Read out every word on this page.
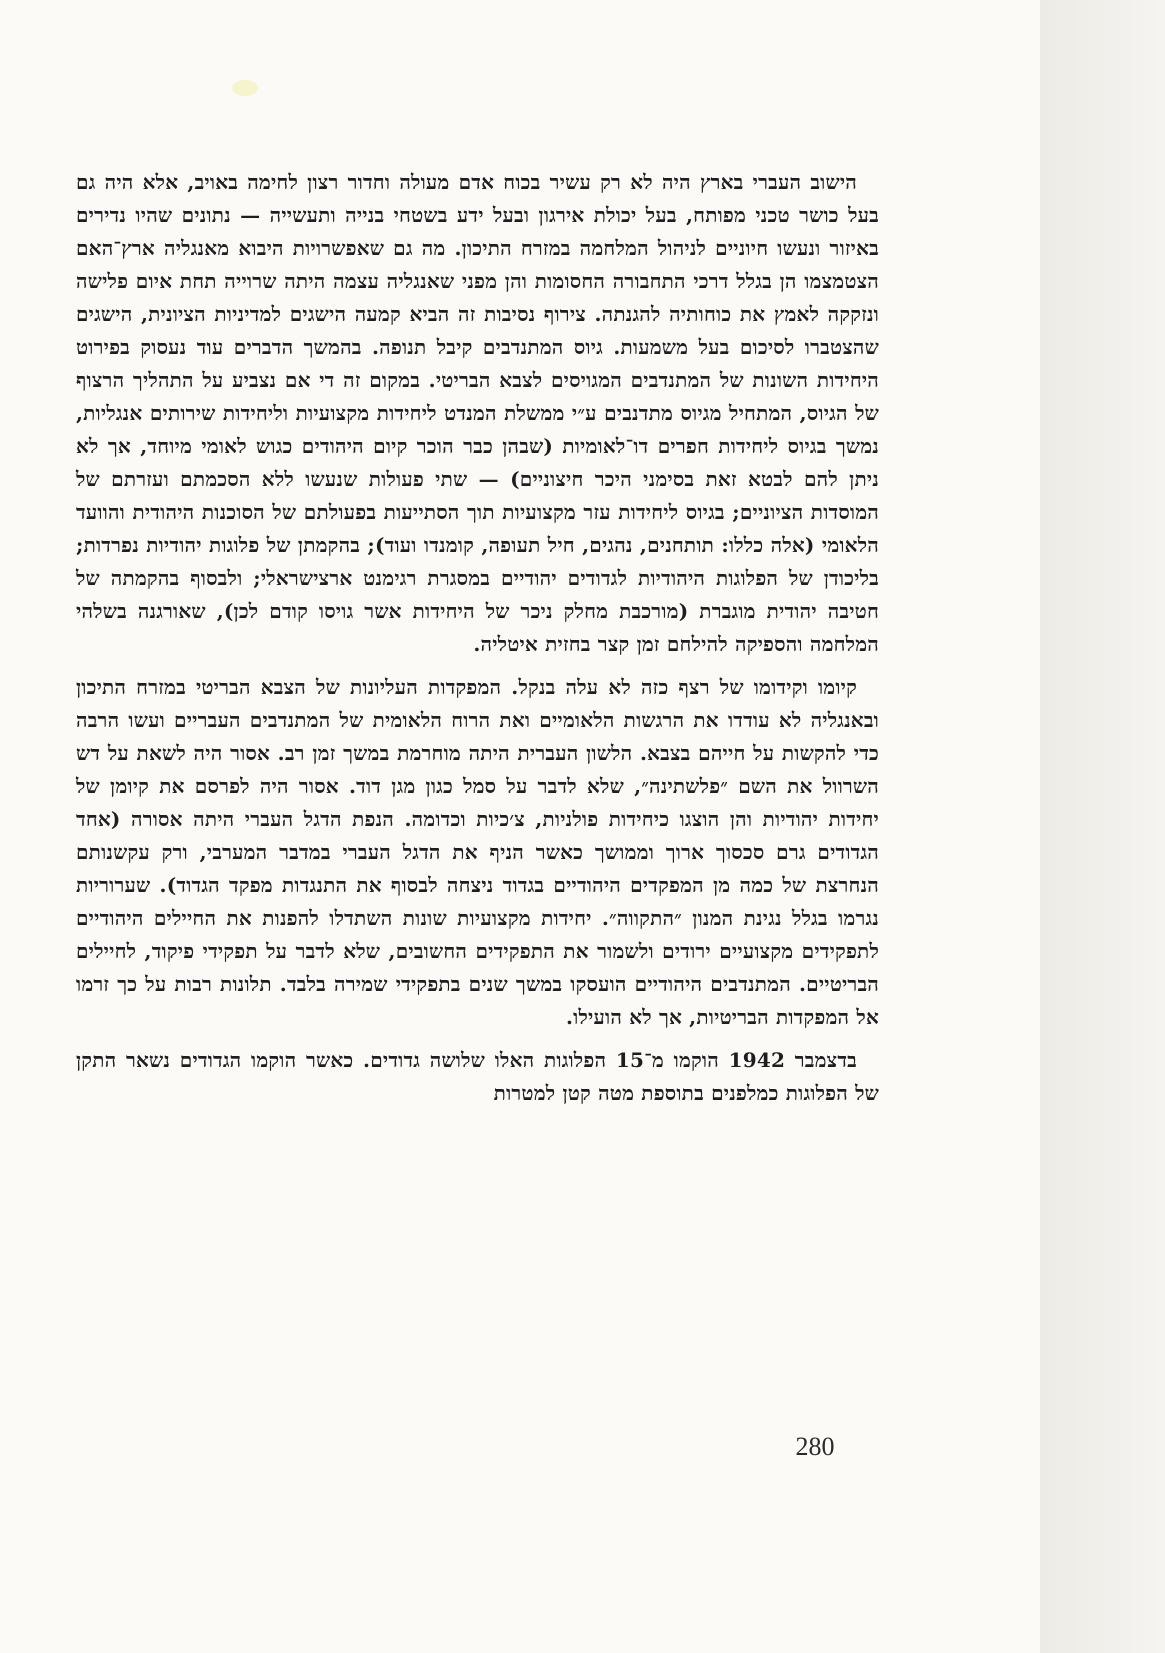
הישוב העברי בארץ היה לא רק עשיר בכוח אדם מעולה וחדור רצון לחימה באויב, אלא היה גם בעל כושר טכני מפותח, בעל יכולת אירגון ובעל ידע בשטחי בנייה ותעשייה — נתונים שהיו נדירים באיזור ונעשו חיוניים לניהול המלחמה במזרח התיכון. מה גם שאפשרויות היבוא מאנגליה ארץ־האם הצטמצמו הן בגלל דרכי התחבורה החסומות והן מפני שאנגליה עצמה היתה שרוייה תחת איום פלישה ונזקקה לאמץ את כוחותיה להגנתה. צירוף נסיבות זה הביא קמעה הישגים למדיניות הציונית, הישגים שהצטברו לסיכום בעל משמעות. גיוס המתנדבים קיבל תנופה. בהמשך הדברים עוד נעסוק בפירוט היחידות השונות של המתנדבים המגויסים לצבא הבריטי. במקום זה די אם נצביע על התהליך הרצוף של הגיוס, המתחיל מגיוס מתדנבים ע״י ממשלת המנדט ליחידות מקצועיות וליחידות שירותים אנגליות, נמשך בגיוס ליחידות חפרים דו־לאומיות (שבהן כבר הוכר קיום היהודים כגוש לאומי מיוחד, אך לא ניתן להם לבטא זאת בסימני היכר חיצוניים) — שתי פעולות שנעשו ללא הסכמתם ועזרתם של המוסדות הציוניים; בגיוס ליחידות עזר מקצועיות תוך הסתייעות בפעולתם של הסוכנות היהודית והוועד הלאומי (אלה כללו: תותחנים, נהגים, חיל תעופה, קומנדו ועוד); בהקמתן של פלוגות יהודיות נפרדות; בליכודן של הפלוגות היהודיות לגדודים יהודיים במסגרת רגימנט ארצישראלי; ולבסוף בהקמתה של חטיבה יהודית מוגברת (מורכבת מחלק ניכר של היחידות אשר גויסו קודם לכן), שאורגנה בשלהי המלחמה והספיקה להילחם זמן קצר בחזית איטליה.

קיומו וקידומו של רצף כזה לא עלה בנקל. המפקדות העליונות של הצבא הבריטי במזרח התיכון ובאנגליה לא עודדו את הרגשות הלאומיים ואת הרוח הלאומית של המתנדבים העבריים ועשו הרבה כדי להקשות על חייהם בצבא. הלשון העברית היתה מוחרמת במשך זמן רב. אסור היה לשאת על דש השרוול את השם ״פלשתינה״, שלא לדבר על סמל כגון מגן דוד. אסור היה לפרסם את קיומן של יחידות יהודיות והן הוצגו כיחידות פולניות, צ׳כיות וכדומה. הנפת הדגל העברי היתה אסורה (אחד הגדודים גרם סכסוך ארוך וממושך כאשר הניף את הדגל העברי במדבר המערבי, ורק עקשנותם הנחרצת של כמה מן המפקדים היהודיים בגדוד ניצחה לבסוף את התנגדות מפקד הגדוד). שערוריות נגרמו בגלל נגינת המנון ״התקווה״. יחידות מקצועיות שונות השתדלו להפנות את החיילים היהודיים לתפקידים מקצועיים ירודים ולשמור את התפקידים החשובים, שלא לדבר על תפקידי פיקוד, לחיילים הבריטיים. המתנדבים היהודיים הועסקו במשך שנים בתפקידי שמירה בלבד. תלונות רבות על כך זרמו אל המפקדות הבריטיות, אך לא הועילו.

בדצמבר 1942 הוקמו מ־15 הפלוגות האלו שלושה גדודים. כאשר הוקמו הגדודים נשאר התקן של הפלוגות כמלפנים בתוספת מטה קטן למטרות

280
